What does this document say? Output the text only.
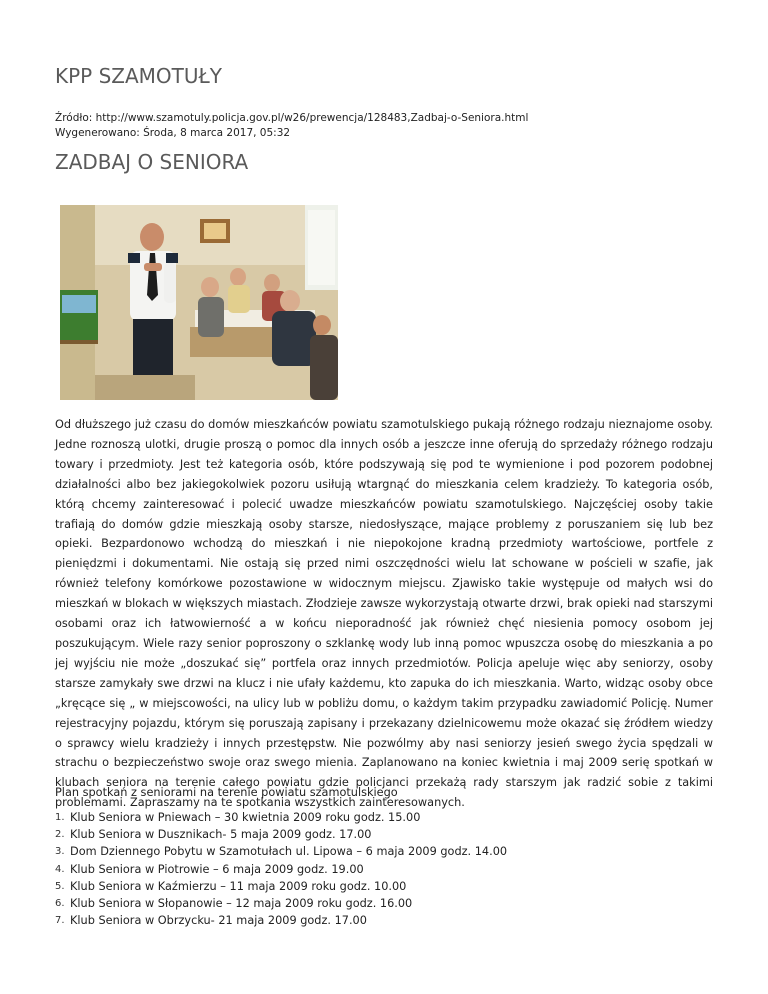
KPP SZAMOTUŁY
Źródło: http://www.szamotuly.policja.gov.pl/w26/prewencja/128483,Zadbaj-o-Seniora.html
Wygenerowano: Środa, 8 marca 2017, 05:32
ZADBAJ O SENIORA

Od dłuższego już czasu do domów mieszkańców powiatu szamotulskiego pukają różnego rodzaju nieznajome osoby. Jedne roznoszą ulotki, drugie proszą o pomoc dla innych osób a jeszcze inne oferują do sprzedaży różnego rodzaju towary i przedmioty. Jest też kategoria osób, które podszywają się pod te wymienione i pod pozorem podobnej działalności albo bez jakiegokolwiek pozoru usiłują wtargnąć do mieszkania celem kradzieży. To kategoria osób, którą chcemy zainteresować i polecić uwadze mieszkańców powiatu szamotulskiego. Najczęściej osoby takie trafiają do domów gdzie mieszkają osoby starsze, niedosłyszące, mające problemy z poruszaniem się lub bez opieki. Bezpardonowo wchodzą do mieszkań i nie niepokojone kradną przedmioty wartościowe, portfele z pieniędzmi i dokumentami. Nie ostają się przed nimi oszczędności wielu lat schowane w pościeli w szafie, jak również telefony komórkowe pozostawione w widocznym miejscu. Zjawisko takie występuje od małych wsi do mieszkań w blokach w większych miastach. Złodzieje zawsze wykorzystają otwarte drzwi, brak opieki nad starszymi osobami oraz ich łatwowierność a w końcu nieporadność jak również chęć niesienia pomocy osobom jej poszukującym. Wiele razy senior poproszony o szklankę wody lub inną pomoc wpuszcza osobę do mieszkania a po jej wyjściu nie może „doszukać się” portfela oraz innych przedmiotów. Policja apeluje więc aby seniorzy, osoby starsze zamykały swe drzwi na klucz i nie ufały każdemu, kto zapuka do ich mieszkania. Warto, widząc osoby obce „kręcące się „ w miejscowości, na ulicy lub w pobliżu domu, o każdym takim przypadku zawiadomić Policję. Numer rejestracyjny pojazdu, którym się poruszają zapisany i przekazany dzielnicowemu może okazać się źródłem wiedzy o sprawcy wielu kradzieży i innych przestępstw. Nie pozwólmy aby nasi seniorzy jesień swego życia spędzali w strachu o bezpieczeństwo swoje oraz swego mienia. Zaplanowano na koniec kwietnia i maj 2009 serię spotkań w klubach seniora na terenie całego powiatu gdzie policjanci przekażą rady starszym jak radzić sobie z takimi problemami. Zapraszamy na te spotkania wszystkich zainteresowanych.

Plan spotkań z seniorami na terenie powiatu szamotulskiego

1. Klub Seniora w Pniewach – 30 kwietnia 2009 roku godz. 15.00
2. Klub Seniora w Dusznikach- 5 maja 2009 godz. 17.00
3. Dom Dziennego Pobytu w Szamotułach ul. Lipowa – 6 maja 2009 godz. 14.00
4. Klub Seniora w Piotrowie – 6 maja 2009 godz. 19.00
5. Klub Seniora w Kaźmierzu – 11 maja 2009 roku godz. 10.00
6. Klub Seniora w Słopanowie – 12 maja 2009 roku godz. 16.00
7. Klub Seniora w Obrzycku- 21 maja 2009 godz. 17.00
